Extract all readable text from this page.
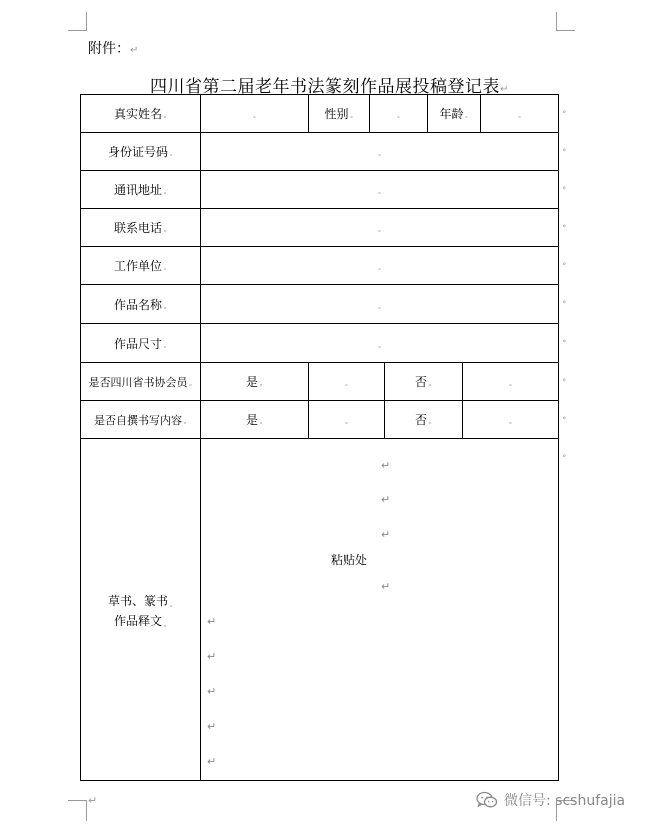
附件：↵
四川省第二届老年书法篆刻作品展投稿登记表↵
真实姓名 ˳	˳	性别 ˳	˳	年龄 ˳	˳
身份证号码 ˳	˳
通讯地址 ˳	˳
联系电话 ˳	˳
工作单位 ˳	˳
作品名称 ˳	˳
作品尺寸 ˳	˳
是否四川省书协会员 ˳	是 ˳	˳	否 ˳	˳
是否自撰书写内容 ˳	是 ˳	˳	否 ˳	˳
草书、篆书˳
作品释文˳
↵
↵
↵
粘贴处
↵
↵
↵
↵
↵
↵
˳
˳
˳
˳
˳
˳
˳
˳
˳
˳
↵	微信号: scshufajia
